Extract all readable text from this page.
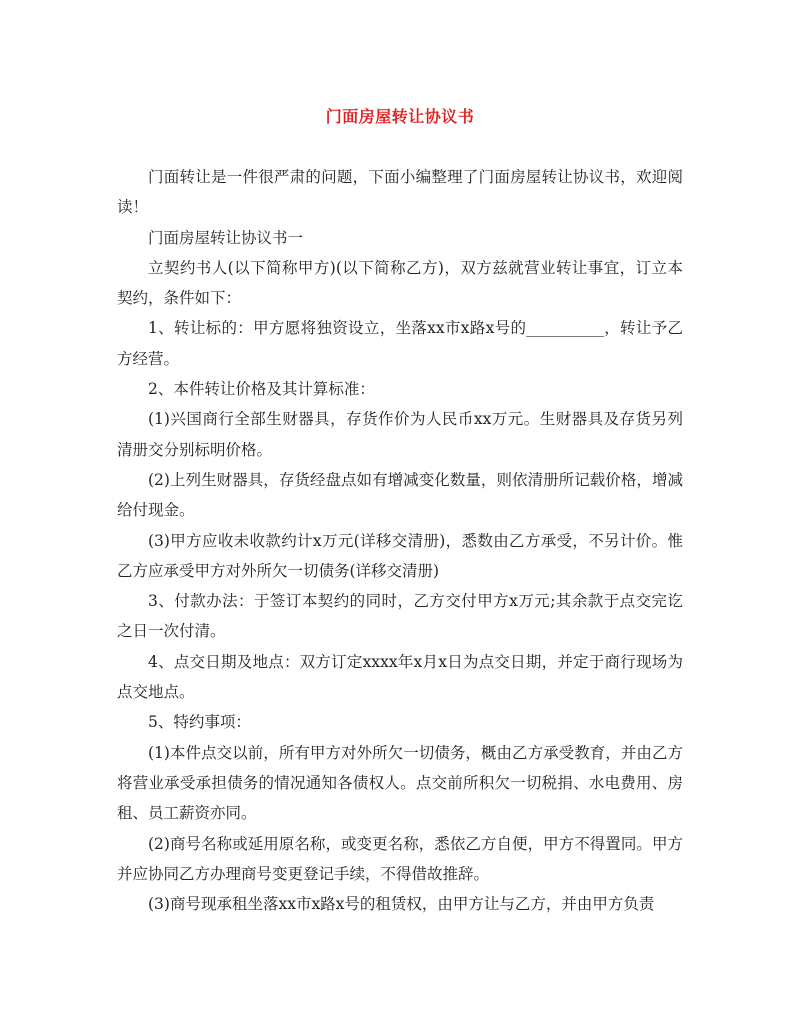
门面房屋转让协议书

门面转让是一件很严肃的问题，下面小编整理了门面房屋转让协议书，欢迎阅读！

门面房屋转让协议书一

立契约书人(以下简称甲方)(以下简称乙方)，双方兹就营业转让事宜，订立本契约，条件如下：

1、转让标的：甲方愿将独资设立，坐落xx市x路x号的__________，转让予乙方经营。

2、本件转让价格及其计算标准：

(1)兴国商行全部生财器具，存货作价为人民币xx万元。生财器具及存货另列清册交分别标明价格。

(2)上列生财器具，存货经盘点如有增减变化数量，则依清册所记载价格，增减给付现金。

(3)甲方应收未收款约计x万元(详移交清册)，悉数由乙方承受，不另计价。惟乙方应承受甲方对外所欠一切债务(详移交清册)

3、付款办法：于签订本契约的同时，乙方交付甲方x万元;其余款于点交完讫之日一次付清。

4、点交日期及地点：双方订定xxxx年x月x日为点交日期，并定于商行现场为点交地点。

5、特约事项：

(1)本件点交以前，所有甲方对外所欠一切债务，概由乙方承受教育，并由乙方将营业承受承担债务的情况通知各债权人。点交前所积欠一切税捐、水电费用、房租、员工薪资亦同。

(2)商号名称或延用原名称，或变更名称，悉依乙方自便，甲方不得置同。甲方并应协同乙方办理商号变更登记手续，不得借故推辞。

(3)商号现承租坐落xx市x路x号的租赁权，由甲方让与乙方，并由甲方负责
